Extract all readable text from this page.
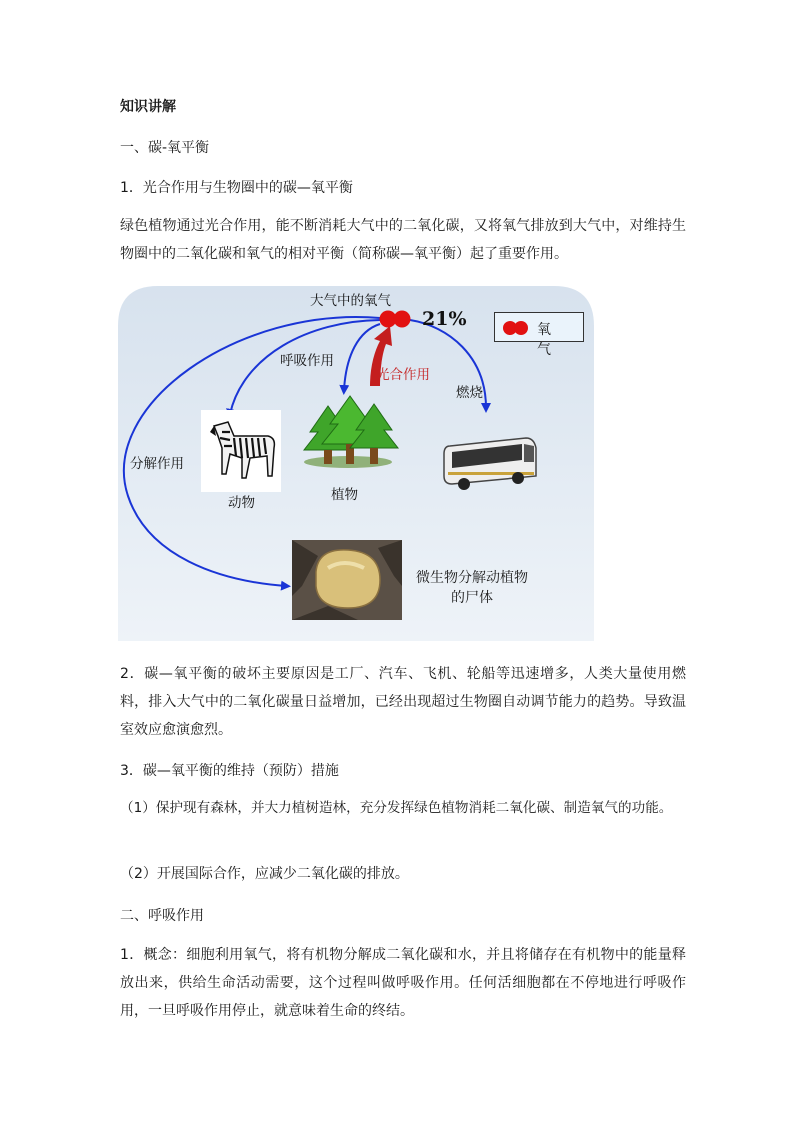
知识讲解
一、碳-氧平衡
1．光合作用与生物圈中的碳—氧平衡
绿色植物通过光合作用，能不断消耗大气中的二氧化碳，又将氧气排放到大气中，对维持生物圈中的二氧化碳和氧气的相对平衡（简称碳—氧平衡）起了重要作用。
大气中的氧气
呼吸作用
光合作用
燃烧
分解作用
动物	植物
21%	氧 气
微生物分解动植物
的尸体
2．碳—氧平衡的破坏主要原因是工厂、汽车、飞机、轮船等迅速增多，人类大量使用燃料，排入大气中的二氧化碳量日益增加，已经出现超过生物圈自动调节能力的趋势。导致温室效应愈演愈烈。
3．碳—氧平衡的维持（预防）措施
（1）保护现有森林，并大力植树造林，充分发挥绿色植物消耗二氧化碳、制造氧气的功能。
（2）开展国际合作，应减少二氧化碳的排放。
二、呼吸作用
1．概念：细胞利用氧气，将有机物分解成二氧化碳和水，并且将储存在有机物中的能量释放出来，供给生命活动需要，这个过程叫做呼吸作用。任何活细胞都在不停地进行呼吸作用，一旦呼吸作用停止，就意味着生命的终结。
